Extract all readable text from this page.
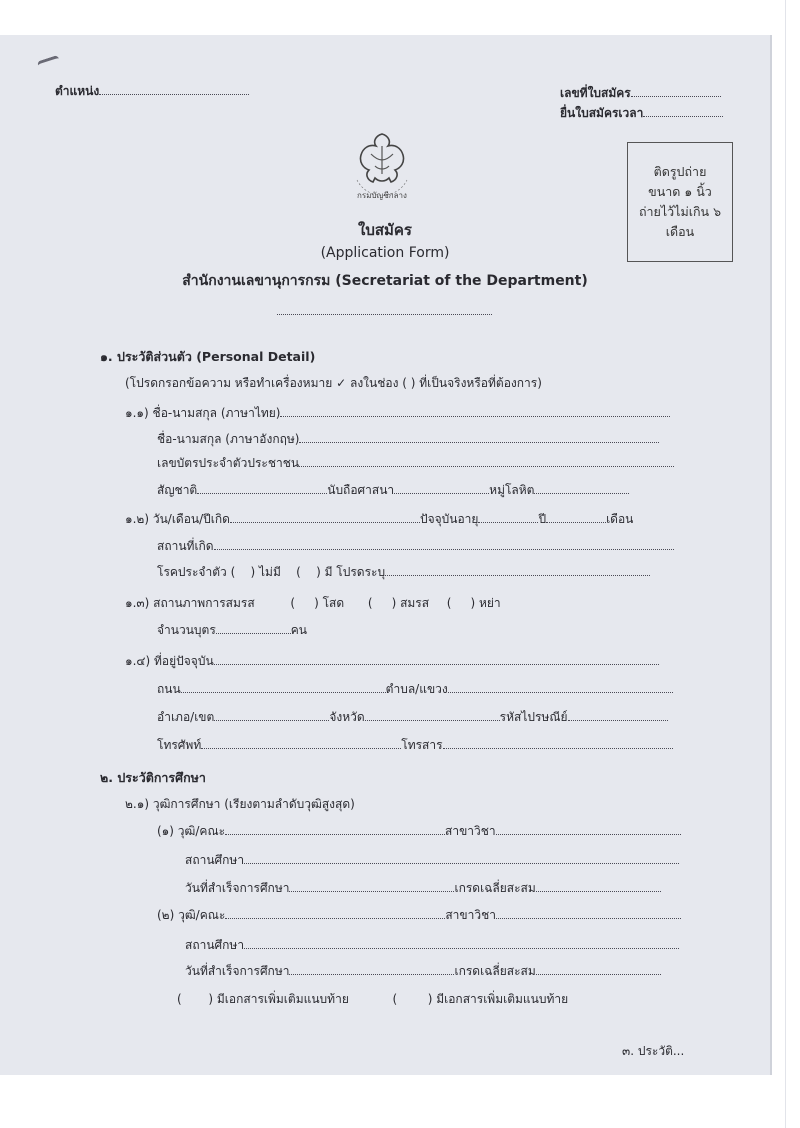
ตำแหน่ง	เลขที่ใบสมัคร
ยื่นใบสมัครเวลา
ติดรูปถ่าย
ขนาด ๑ นิ้ว
ถ่ายไว้ไม่เกิน ๖
เดือน
กรมบัญชีกลาง
ใบสมัคร
(Application Form)
สำนักงานเลขานุการกรม (Secretariat of the Department)
๑. ประวัติส่วนตัว (Personal Detail)
(โปรดกรอกข้อความ หรือทำเครื่องหมาย ✓ ลงในช่อง ( ) ที่เป็นจริงหรือที่ต้องการ)
๑.๑) ชื่อ-นามสกุล (ภาษาไทย)
ชื่อ-นามสกุล (ภาษาอังกฤษ)
เลขบัตรประจำตัวประชาชน
สัญชาติ	นับถือศาสนา	หมู่โลหิต
๑.๒) วัน/เดือน/ปีเกิด	ปัจจุบันอายุ	ปี	เดือน
สถานที่เกิด
โรคประจำตัว (    ) ไม่มี (    ) มี โปรดระบุ
๑.๓) สถานภาพการสมรส	(     ) โสด (     ) สมรส (     ) หย่า
จำนวนบุตร	คน
๑.๔) ที่อยู่ปัจจุบัน
ถนน	ตำบล/แขวง
อำเภอ/เขต	จังหวัด	รหัสไปรษณีย์
โทรศัพท์	โทรสาร
๒. ประวัติการศึกษา
๒.๑) วุฒิการศึกษา (เรียงตามลำดับวุฒิสูงสุด)
(๑) วุฒิ/คณะ	สาขาวิชา
สถานศึกษา
วันที่สำเร็จการศึกษา	เกรดเฉลี่ยสะสม
(๒) วุฒิ/คณะ	สาขาวิชา
สถานศึกษา
วันที่สำเร็จการศึกษา	เกรดเฉลี่ยสะสม
(       ) มีเอกสารเพิ่มเติมแนบท้าย	(        ) มีเอกสารเพิ่มเติมแนบท้าย
๓. ประวัติ...
